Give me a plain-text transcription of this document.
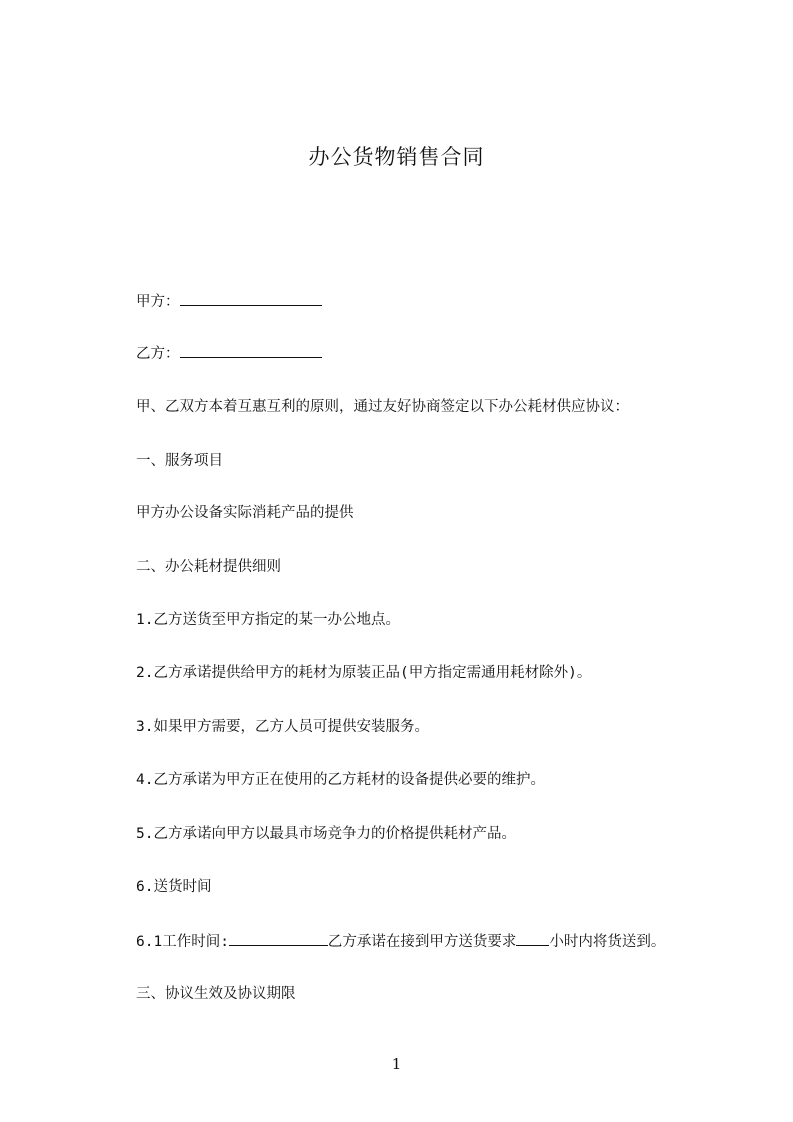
办公货物销售合同
甲方：
乙方：
甲、乙双方本着互惠互利的原则，通过友好协商签定以下办公耗材供应协议：
一、服务项目
甲方办公设备实际消耗产品的提供
二、办公耗材提供细则
1.乙方送货至甲方指定的某一办公地点。
2.乙方承诺提供给甲方的耗材为原装正品(甲方指定需通用耗材除外)。
3.如果甲方需要，乙方人员可提供安装服务。
4.乙方承诺为甲方正在使用的乙方耗材的设备提供必要的维护。
5.乙方承诺向甲方以最具市场竞争力的价格提供耗材产品。
6.送货时间
6.1工作时间:	乙方承诺在接到甲方送货要求 小时内将货送到。
三、协议生效及协议期限
1
